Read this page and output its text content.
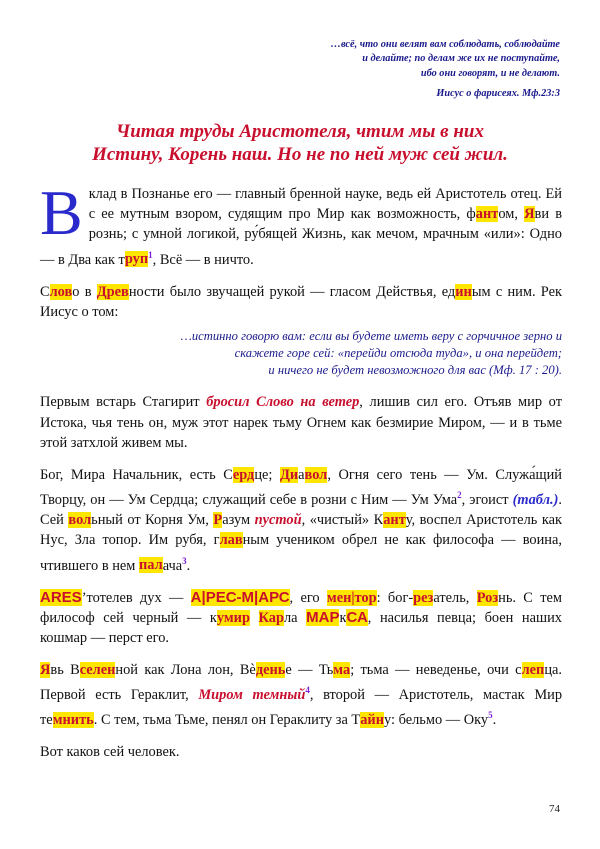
…всё, что они велят вам соблюдать, соблюдайте
и делайте; по делам же их не поступайте,
ибо они говорят, и не делают.
Иисус о фарисеях. Мф.23:3
Читая труды Аристотеля, чтим мы в них
Истину, Корень наш. Но не по ней муж сей жил.

Вклад в Познанье его — главный бренной науке, ведь ей Аристотель отец. Ей с ее мутным взором, судящим про Мир как возможность, фантом, Яви в рознь; с умной логикой, ру́бящей Жизнь, как мечом, мрачным «или»: Одно — в Два как труп$^1$, Всё — в ничто.

Слово в Древности было звучащей рукой — гласом Действья, единым с ним. Рек Иисус о том:

…истинно говорю вам: если вы будете иметь веру с горчичное зерно и
скажете горе сей: «перейди отсюда туда», и она перейдет;
и ничего не будет невозможного для вас (Мф. 17 : 20).

Первым встарь Стагирит бросил Слово на ветер, лишив сил его. Отъяв мир от Истока, чья тень он, муж этот нарек тьму Огнем как безмирие Миром, — и в тьме этой затхлой живем мы.

Бог, Мира Начальник, есть Сердце; Диавол, Огня сего тень — Ум. Служа́щий Творцу, он — Ум Сердца; служащий себе в розни с Ним — Ум Ума$^2$, эгоист (табл.). Сей вольный от Корня Ум, Разум пустой, «чистый» Канту, воспел Аристотель как Нус, Зла топор. Им рубя, главным учеником обрел не как философа — воина, чтившего в нем палача$^3$.

ARES’тотелев дух — А|РЕС-М|АРС, его мен|тор: бог-резатель, Рознь. С тем философ сей черный — кумир Карла МАРкСА, насилья певца; боен наших кошмар — перст его.

Явь Вселенной как Лона лон, Вѐденье — Тьма; тьма — неведенье, очи слепца. Первой есть Гераклит, Миром темный$^4$, второй — Аристотель, мастак Мир темнить. С тем, тьма Тьме, пенял он Гераклиту за Тайну: бельмо — Оку$^5$.

Вот каков сей человек.

74
